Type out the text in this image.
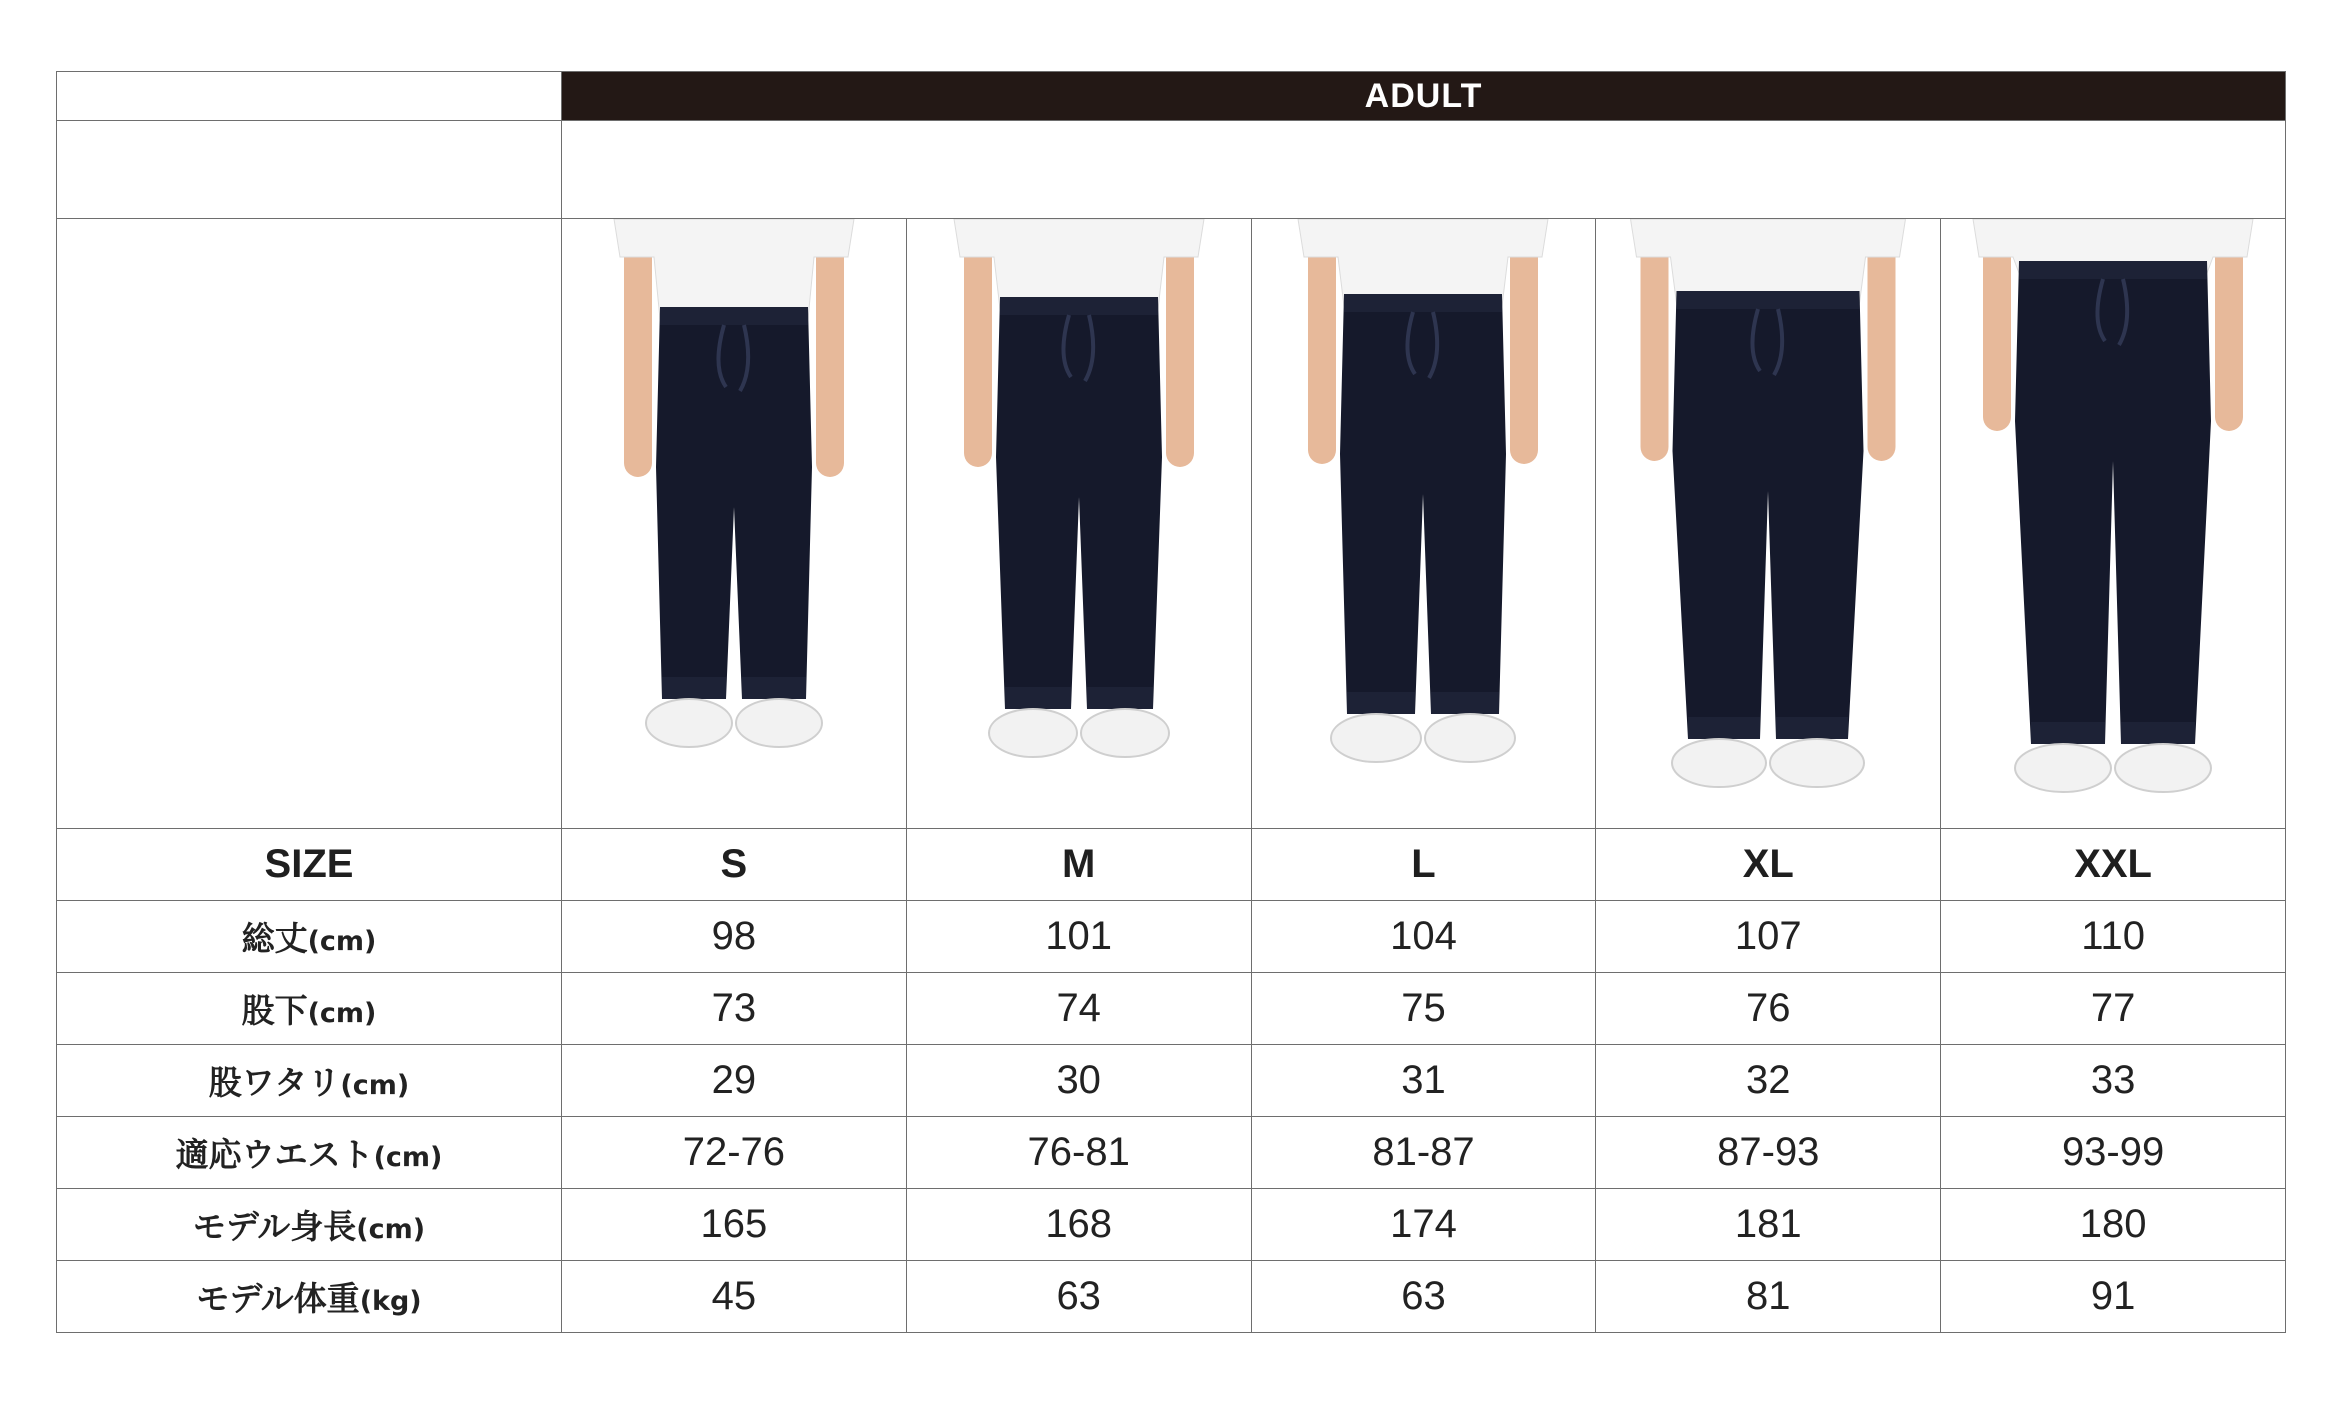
	ADULT				

SIZE	S	M	L	XL	XXL
総丈(cm)	98	101	104	107	110
股下(cm)	73	74	75	76	77
股ワタリ(cm)	29	30	31	32	33
適応ウエスト(cm)	72-76	76-81	81-87	87-93	93-99
モデル身長(cm)	165	168	174	181	180
モデル体重(kg)	45	63	63	81	91
